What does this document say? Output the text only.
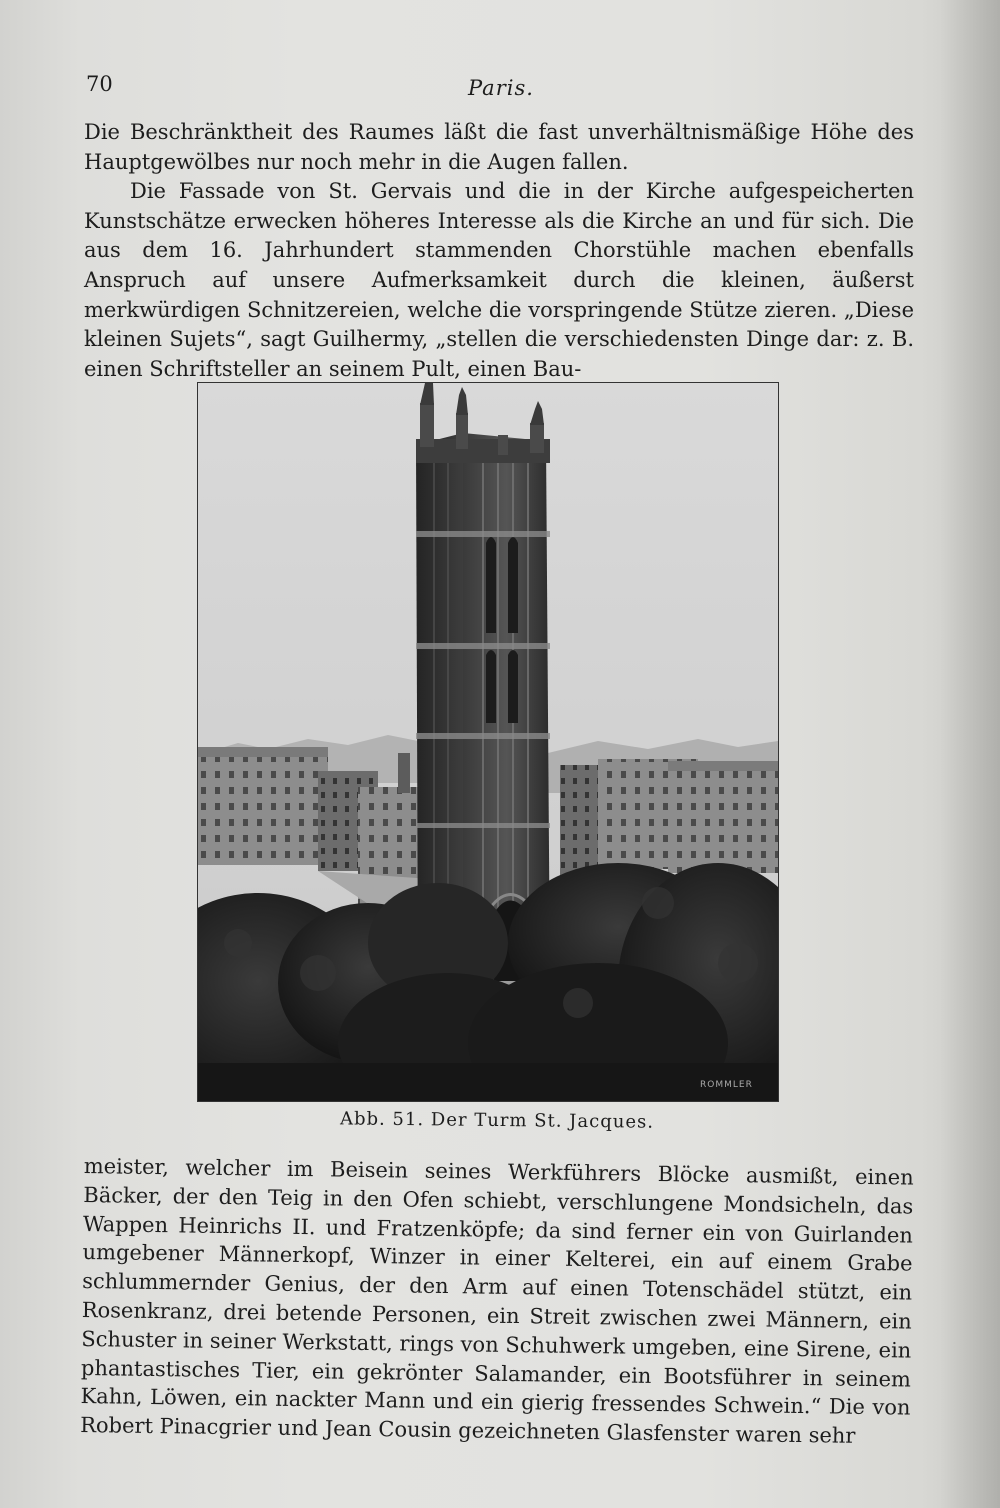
70	Paris.

Die Beschränktheit des Raumes läßt die fast unverhältnismäßige Höhe des Hauptgewölbes nur noch mehr in die Augen fallen.

Die Fassade von St. Gervais und die in der Kirche aufgespeicherten Kunstschätze erwecken höheres Interesse als die Kirche an und für sich. Die aus dem 16. Jahrhundert stammenden Chorstühle machen ebenfalls Anspruch auf unsere Aufmerksamkeit durch die kleinen, äußerst merkwürdigen Schnitzereien, welche die vorspringende Stütze zieren. „Diese kleinen Sujets“, sagt Guilhermy, „stellen die verschiedensten Dinge dar: z. B. einen Schriftsteller an seinem Pult, einen Bau-

ROMMLER
Abb. 51. Der Turm St. Jacques.

meister, welcher im Beisein seines Werkführers Blöcke ausmißt, einen Bäcker, der den Teig in den Ofen schiebt, verschlungene Mondsicheln, das Wappen Heinrichs II. und Fratzenköpfe; da sind ferner ein von Guirlanden umgebener Männerkopf, Winzer in einer Kelterei, ein auf einem Grabe schlummernder Genius, der den Arm auf einen Totenschädel stützt, ein Rosenkranz, drei betende Personen, ein Streit zwischen zwei Männern, ein Schuster in seiner Werkstatt, rings von Schuhwerk umgeben, eine Sirene, ein phantastisches Tier, ein gekrönter Salamander, ein Bootsführer in seinem Kahn, Löwen, ein nackter Mann und ein gierig fressendes Schwein.“ Die von Robert Pinacgrier und Jean Cousin gezeichneten Glasfenster waren sehr
